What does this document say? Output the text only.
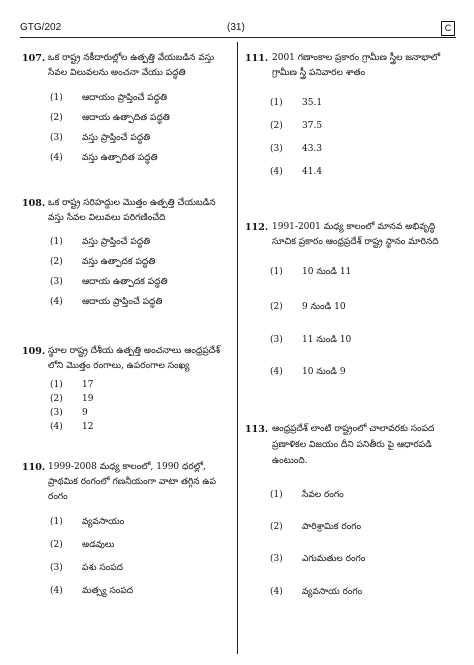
GTG/202	(31)	C
107. ఒక రాష్ట్ర నకీదారుల్లోల ఉత్పత్తి వేయబడిన వస్తు
సేవల విలువలను అంచనా వేయు పద్ధతి
(1) ఆదాయం ప్రాప్తించే పద్ధతి
(2) ఆదాయ ఉత్పాదిత పద్ధతి
(3) వస్తు ప్రాప్తించే పద్ధతి
(4) వస్తు ఉత్పాదిత పద్ధతి
108. ఒక రాష్ట్ర సరిహద్దుల మొత్తం ఉత్పత్తి చేయబడిన
వస్తు సేవల విలువలు పరిగణించేది
(1) వస్తు ప్రాప్తించే పద్ధతి
(2) వస్తు ఉత్పాదక పద్ధతి
(3) ఆదాయ ఉత్పాదక పద్ధతి
(4) ఆదాయ ప్రాప్తించే పద్ధతి
109. స్థూల రాష్ట్ర దేశీయ ఉత్పత్తి అంచనాలు ఆంధ్రప్రదేశ్
లోని మొత్తం రంగాలు, ఉపరంగాల సంఖ్య
(1) 17
(2) 19
(3) 9
(4) 12
110. 1999-2008 మధ్య కాలంలో, 1990 ధరల్లో,
ప్రాథమిక రంగంలో గణనీయంగా వాటా తగ్గిన ఉప
రంగం
(1) వ్యవసాయం
(2) అడవులు
(3) పశు సంపద
(4) మత్స్య సంపద
111. 2001 గణాంకాల ప్రకారం గ్రామీణ స్త్రీల జనాభాలో
గ్రామీణ స్త్రీ పనివారల శాతం
(1) 35.1
(2) 37.5
(3) 43.3
(4) 41.4
112. 1991-2001 మధ్య కాలంలో మానవ అభివృద్ధి
సూచిక ప్రకారం ఆంధ్రప్రదేశ్ రాష్ట్ర స్థానం మారినది
(1) 10 నుండి 11
(2) 9 నుండి 10
(3) 11 నుండి 10
(4) 10 నుండి 9
113. ఆంధ్రప్రదేశ్ లాంటి రాష్ట్రంలో చాలావరకు సంపద
ప్రణాళికల విజయం దీని పనితీరు పై ఆధారపడి
ఉంటుంది.
(1) సేవల రంగం
(2) పారిశ్రామిక రంగం
(3) ఎగుమతుల రంగం
(4) వ్యవసాయ రంగం
